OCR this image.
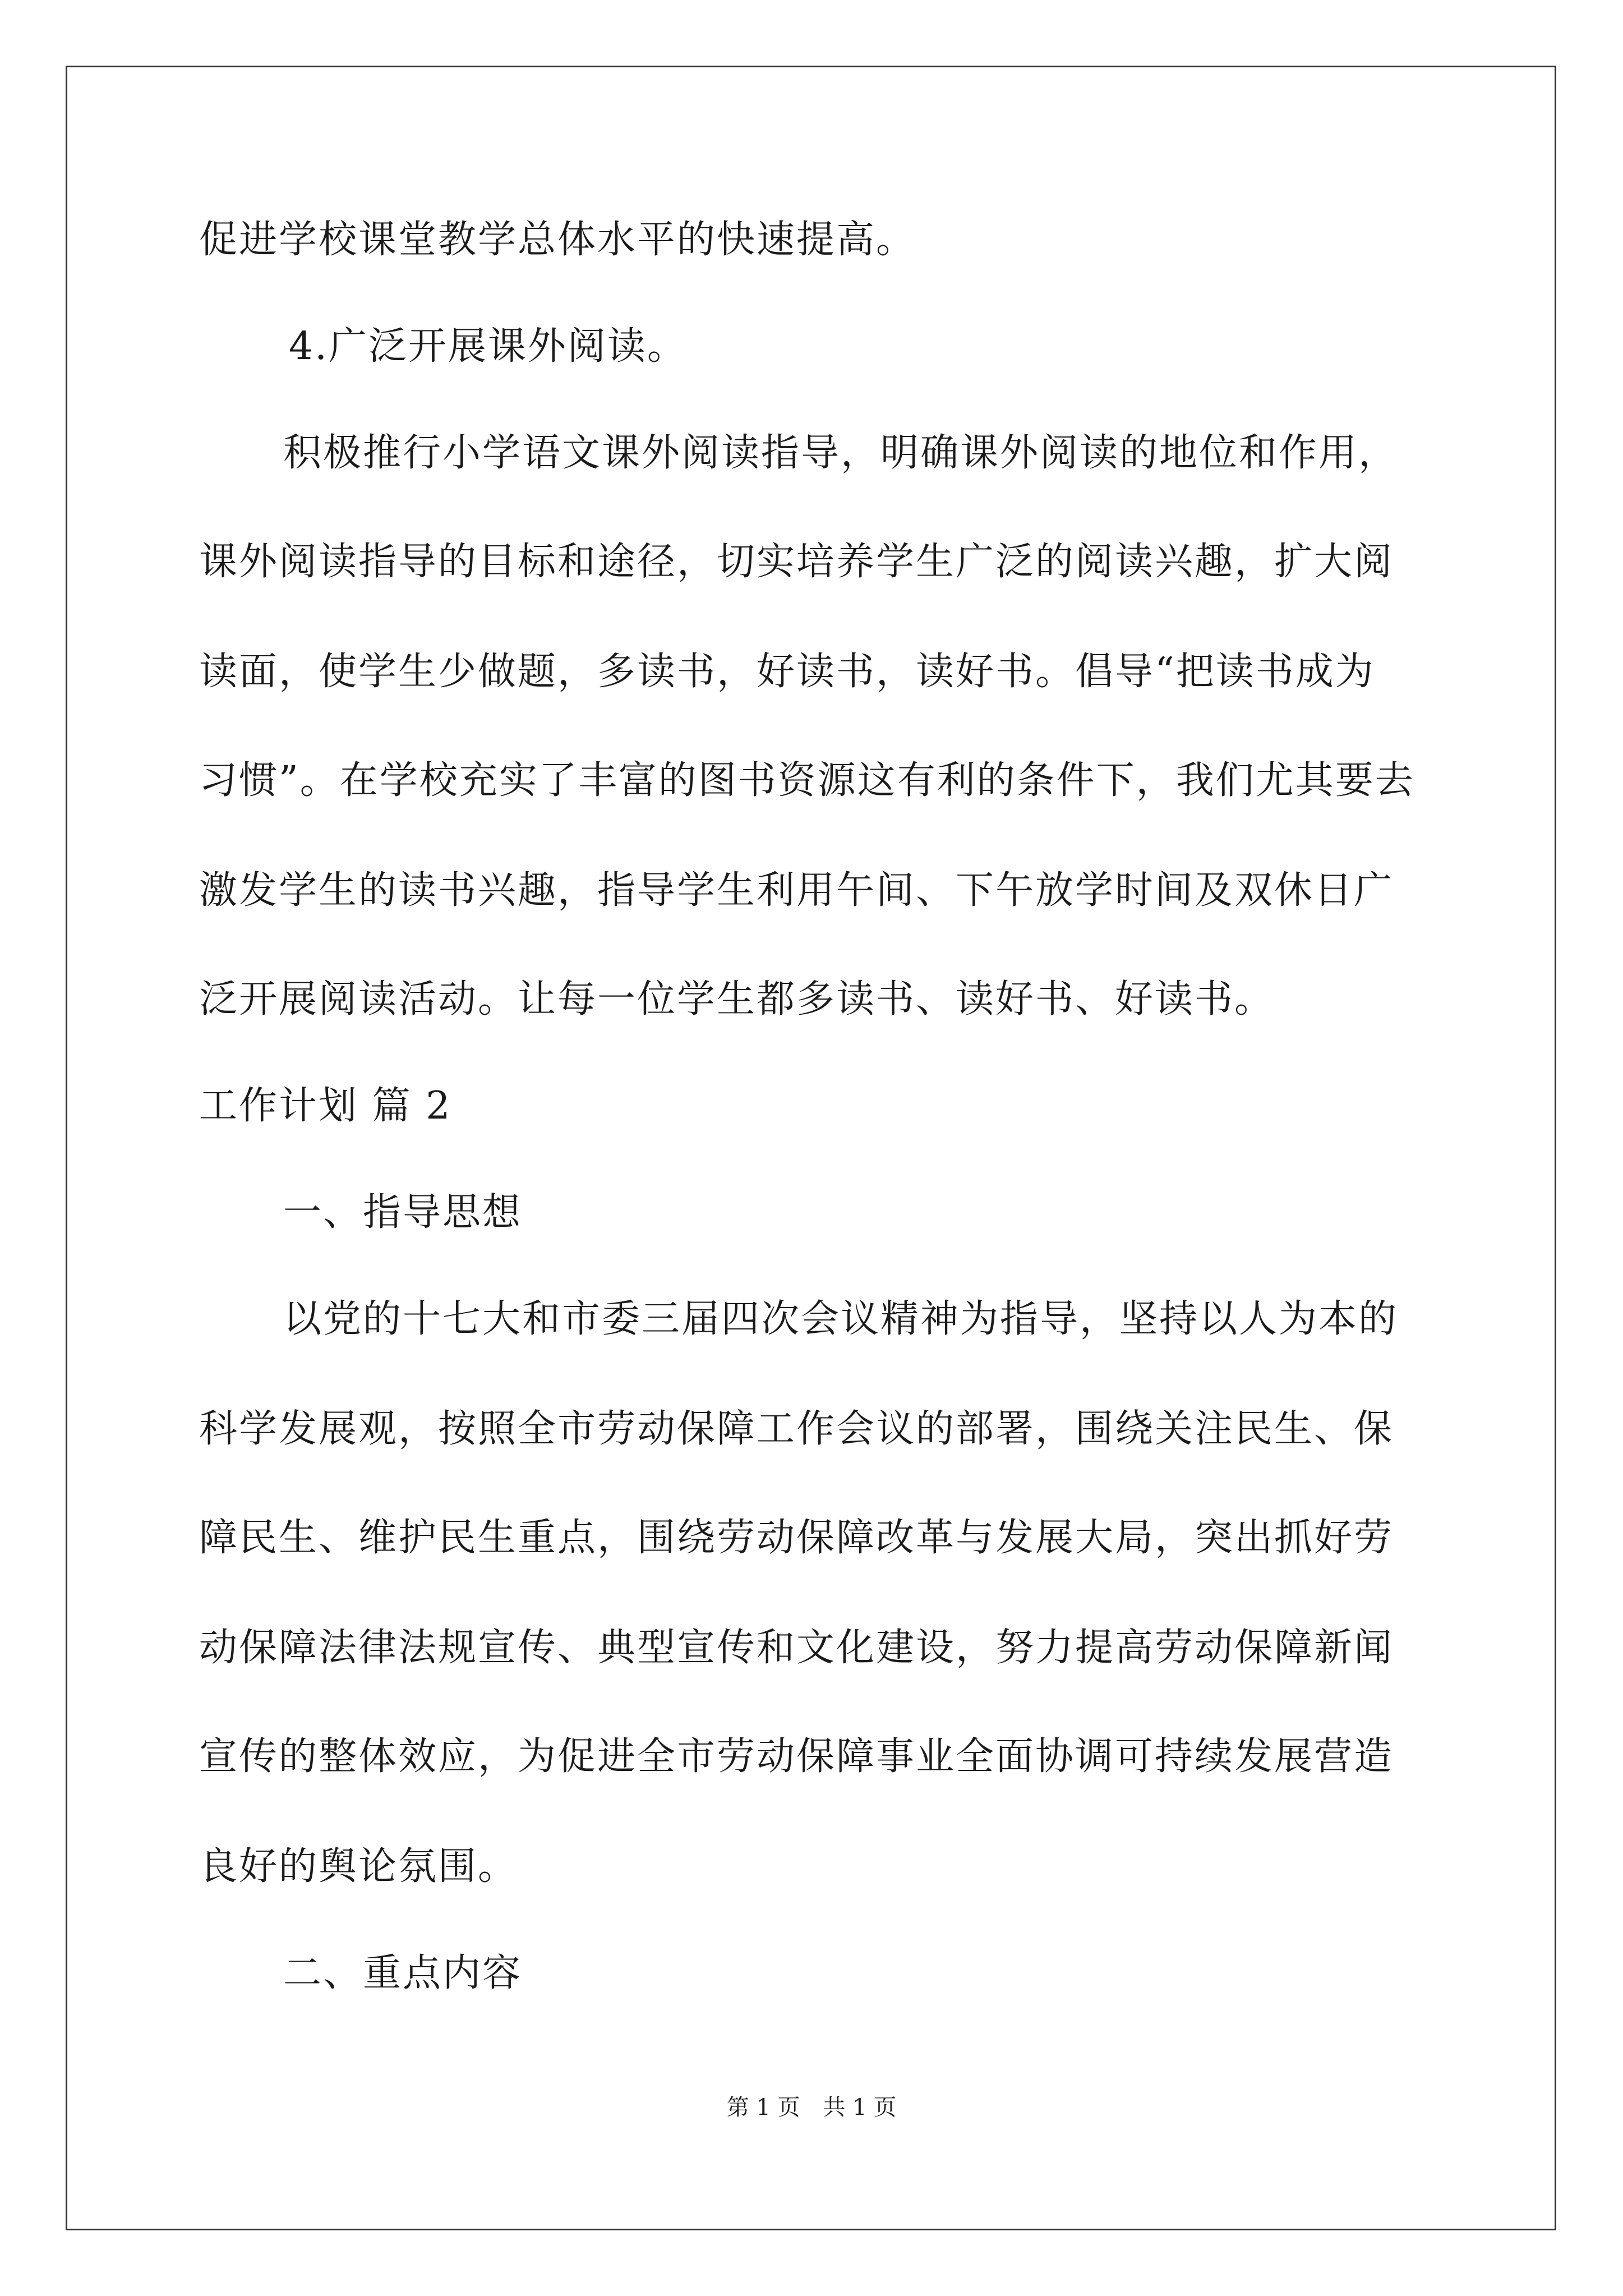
促进学校课堂教学总体水平的快速提高。
4.广泛开展课外阅读。
积极推行小学语文课外阅读指导，明确课外阅读的地位和作用，
课外阅读指导的目标和途径，切实培养学生广泛的阅读兴趣，扩大阅
读面，使学生少做题，多读书，好读书，读好书。倡导“把读书成为
习惯”。在学校充实了丰富的图书资源这有利的条件下，我们尤其要去
激发学生的读书兴趣，指导学生利用午间、下午放学时间及双休日广
泛开展阅读活动。让每一位学生都多读书、读好书、好读书。
工作计划 篇 2
一、指导思想
以党的十七大和市委三届四次会议精神为指导，坚持以人为本的
科学发展观，按照全市劳动保障工作会议的部署，围绕关注民生、保
障民生、维护民生重点，围绕劳动保障改革与发展大局，突出抓好劳
动保障法律法规宣传、典型宣传和文化建设，努力提高劳动保障新闻
宣传的整体效应，为促进全市劳动保障事业全面协调可持续发展营造
良好的舆论氛围。
二、重点内容
第 1 页 共 1 页
